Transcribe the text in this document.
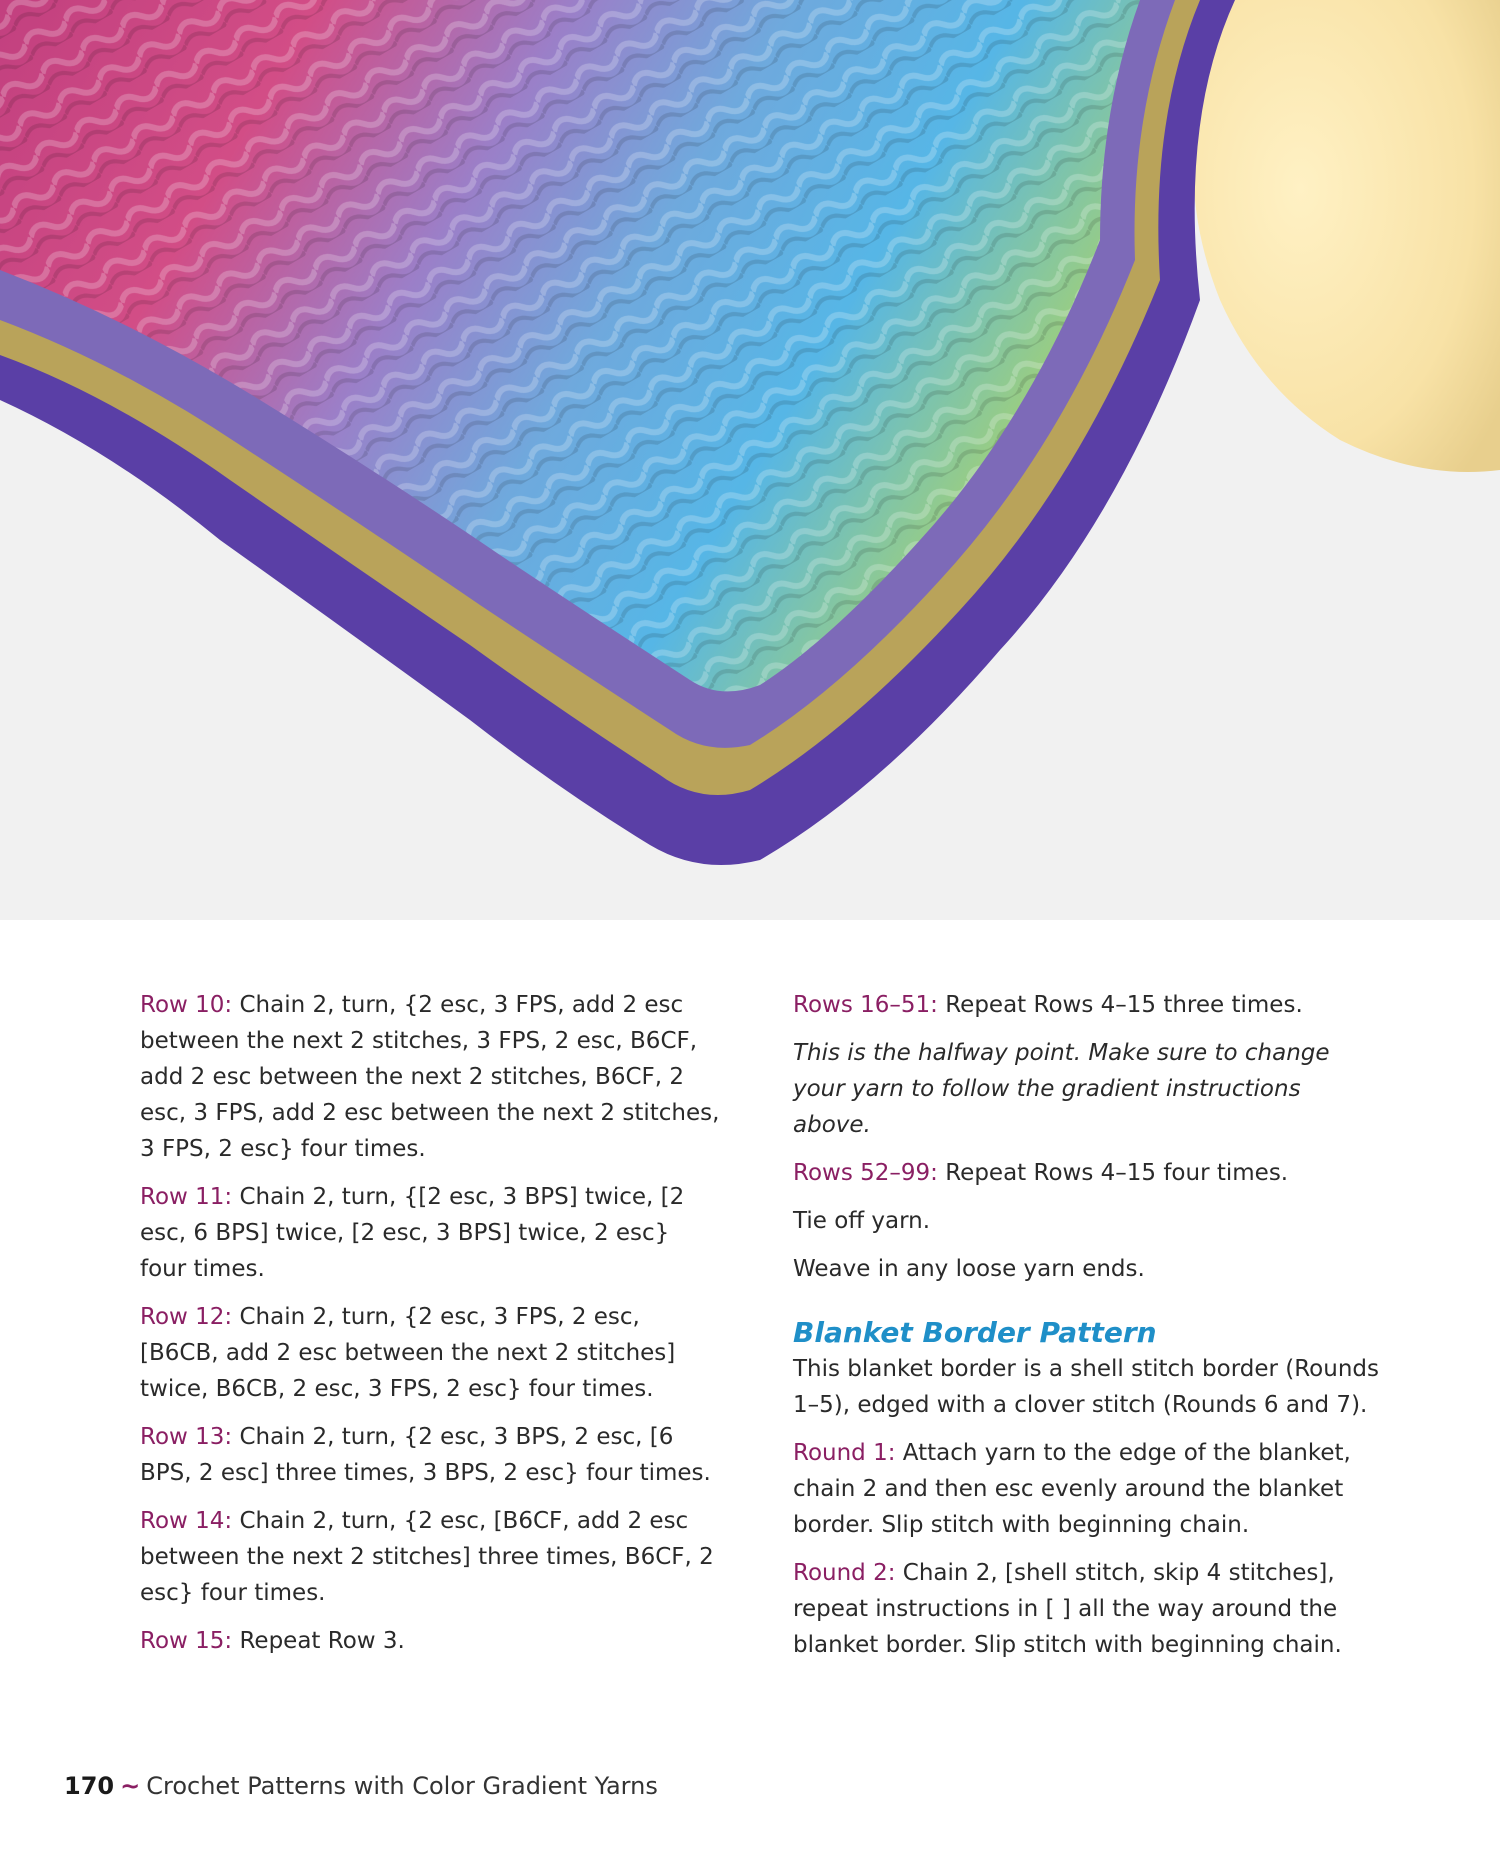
Row 10: Chain 2, turn, {2 esc, 3 FPS, add 2 esc between the next 2 stitches, 3 FPS, 2 esc, B6CF, add 2 esc between the next 2 stitches, B6CF, 2 esc, 3 FPS, add 2 esc between the next 2 stitches, 3 FPS, 2 esc} four times.

Row 11: Chain 2, turn, {[2 esc, 3 BPS] twice, [2 esc, 6 BPS] twice, [2 esc, 3 BPS] twice, 2 esc} four times.

Row 12: Chain 2, turn, {2 esc, 3 FPS, 2 esc, [B6CB, add 2 esc between the next 2 stitches] twice, B6CB, 2 esc, 3 FPS, 2 esc} four times.

Row 13: Chain 2, turn, {2 esc, 3 BPS, 2 esc, [6 BPS, 2 esc] three times, 3 BPS, 2 esc} four times.

Row 14: Chain 2, turn, {2 esc, [B6CF, add 2 esc between the next 2 stitches] three times, B6CF, 2 esc} four times.

Row 15: Repeat Row 3.

Rows 16–51: Repeat Rows 4–15 three times.

This is the halfway point. Make sure to change your yarn to follow the gradient instructions above.

Rows 52–99: Repeat Rows 4–15 four times.

Tie off yarn.

Weave in any loose yarn ends.

Blanket Border Pattern

This blanket border is a shell stitch border (Rounds 1–5), edged with a clover stitch (Rounds 6 and 7).

Round 1: Attach yarn to the edge of the blanket, chain 2 and then esc evenly around the blanket border. Slip stitch with beginning chain.

Round 2: Chain 2, [shell stitch, skip 4 stitches], repeat instructions in [ ] all the way around the blanket border. Slip stitch with beginning chain.

170 ~ Crochet Patterns with Color Gradient Yarns
